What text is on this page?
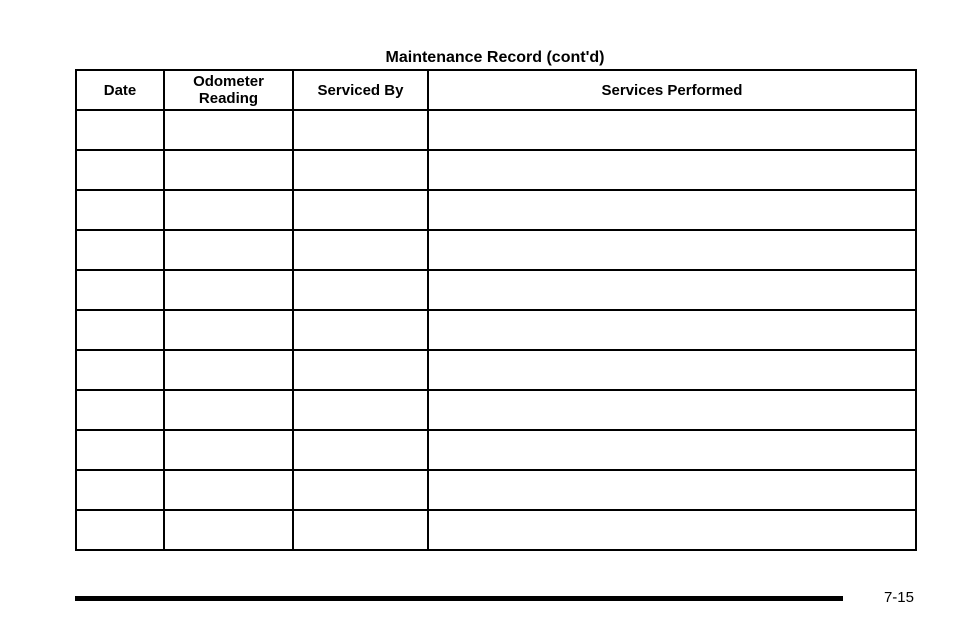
Maintenance Record (cont'd)
Date	Odometer Reading	Serviced By	Services Performed

7-15
